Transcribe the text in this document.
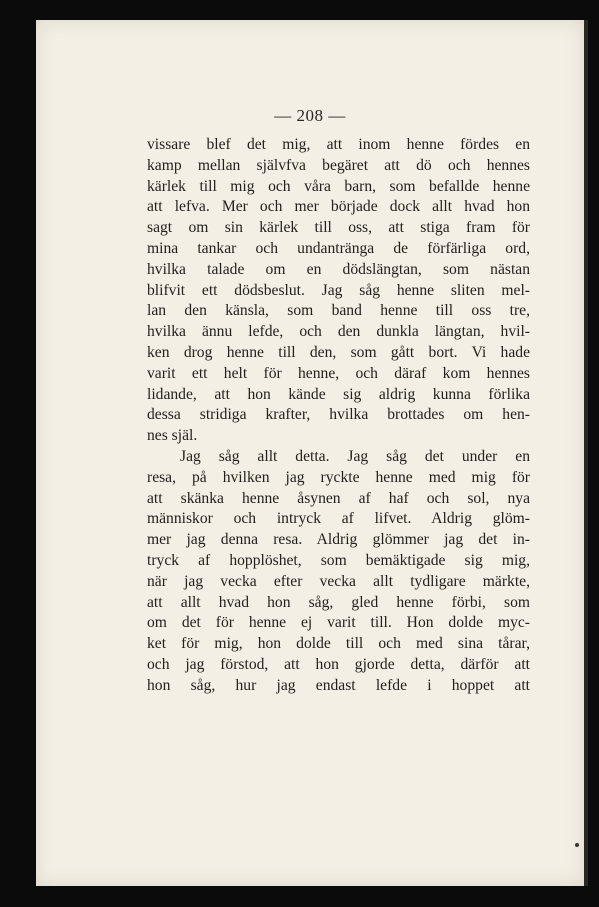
— 208 —
vissare blef det mig, att inom henne fördes en
kamp mellan självfva begäret att dö och hennes
kärlek till mig och våra barn, som befallde henne
att lefva. Mer och mer började dock allt hvad hon
sagt om sin kärlek till oss, att stiga fram för
mina tankar och undantränga de förfärliga ord,
hvilka talade om en dödslängtan, som nästan
blifvit ett dödsbeslut. Jag såg henne sliten mel-
lan den känsla, som band henne till oss tre,
hvilka ännu lefde, och den dunkla längtan, hvil-
ken drog henne till den, som gått bort. Vi hade
varit ett helt för henne, och däraf kom hennes
lidande, att hon kände sig aldrig kunna förlika
dessa stridiga krafter, hvilka brottades om hen-
nes själ.
Jag såg allt detta. Jag såg det under en
resa, på hvilken jag ryckte henne med mig för
att skänka henne åsynen af haf och sol, nya
människor och intryck af lifvet. Aldrig glöm-
mer jag denna resa. Aldrig glömmer jag det in-
tryck af hopplöshet, som bemäktigade sig mig,
när jag vecka efter vecka allt tydligare märkte,
att allt hvad hon såg, gled henne förbi, som
om det för henne ej varit till. Hon dolde myc-
ket för mig, hon dolde till och med sina tårar,
och jag förstod, att hon gjorde detta, därför att
hon såg, hur jag endast lefde i hoppet att
